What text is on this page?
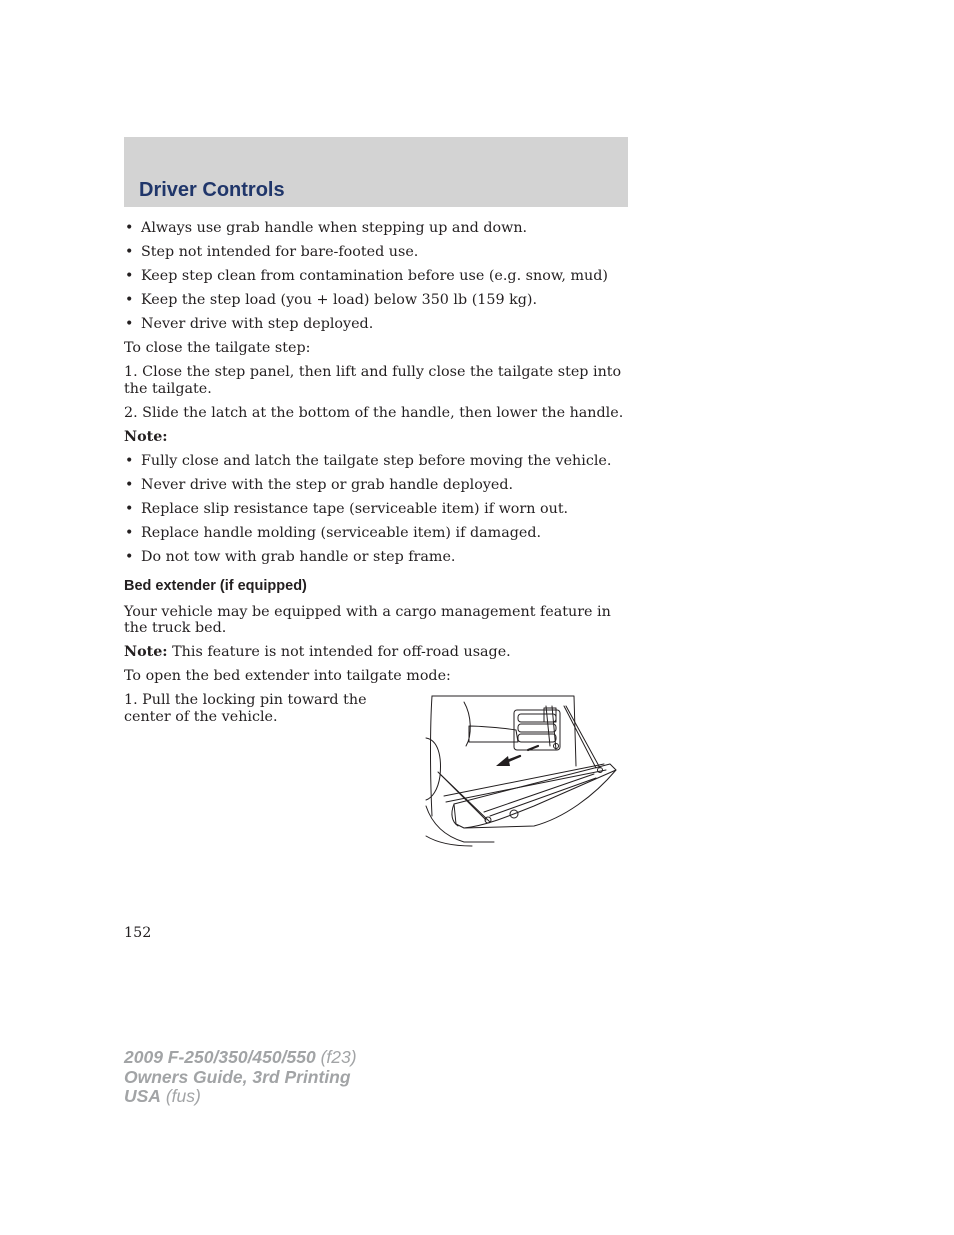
Driver Controls
• Always use grab handle when stepping up and down.
• Step not intended for bare-footed use.
• Keep step clean from contamination before use (e.g. snow, mud)
• Keep the step load (you + load) below 350 lb (159 kg).
• Never drive with step deployed.

To close the tailgate step:

1. Close the step panel, then lift and fully close the tailgate step into the tailgate.

2. Slide the latch at the bottom of the handle, then lower the handle.

Note:

• Fully close and latch the tailgate step before moving the vehicle.
• Never drive with the step or grab handle deployed.
• Replace slip resistance tape (serviceable item) if worn out.
• Replace handle molding (serviceable item) if damaged.
• Do not tow with grab handle or step frame.
Bed extender (if equipped)

Your vehicle may be equipped with a cargo management feature in the truck bed.

Note: This feature is not intended for off-road usage.

To open the bed extender into tailgate mode:

1. Pull the locking pin toward the center of the vehicle.
152
2009 F-250/350/450/550 (f23)
Owners Guide, 3rd Printing
USA (fus)
